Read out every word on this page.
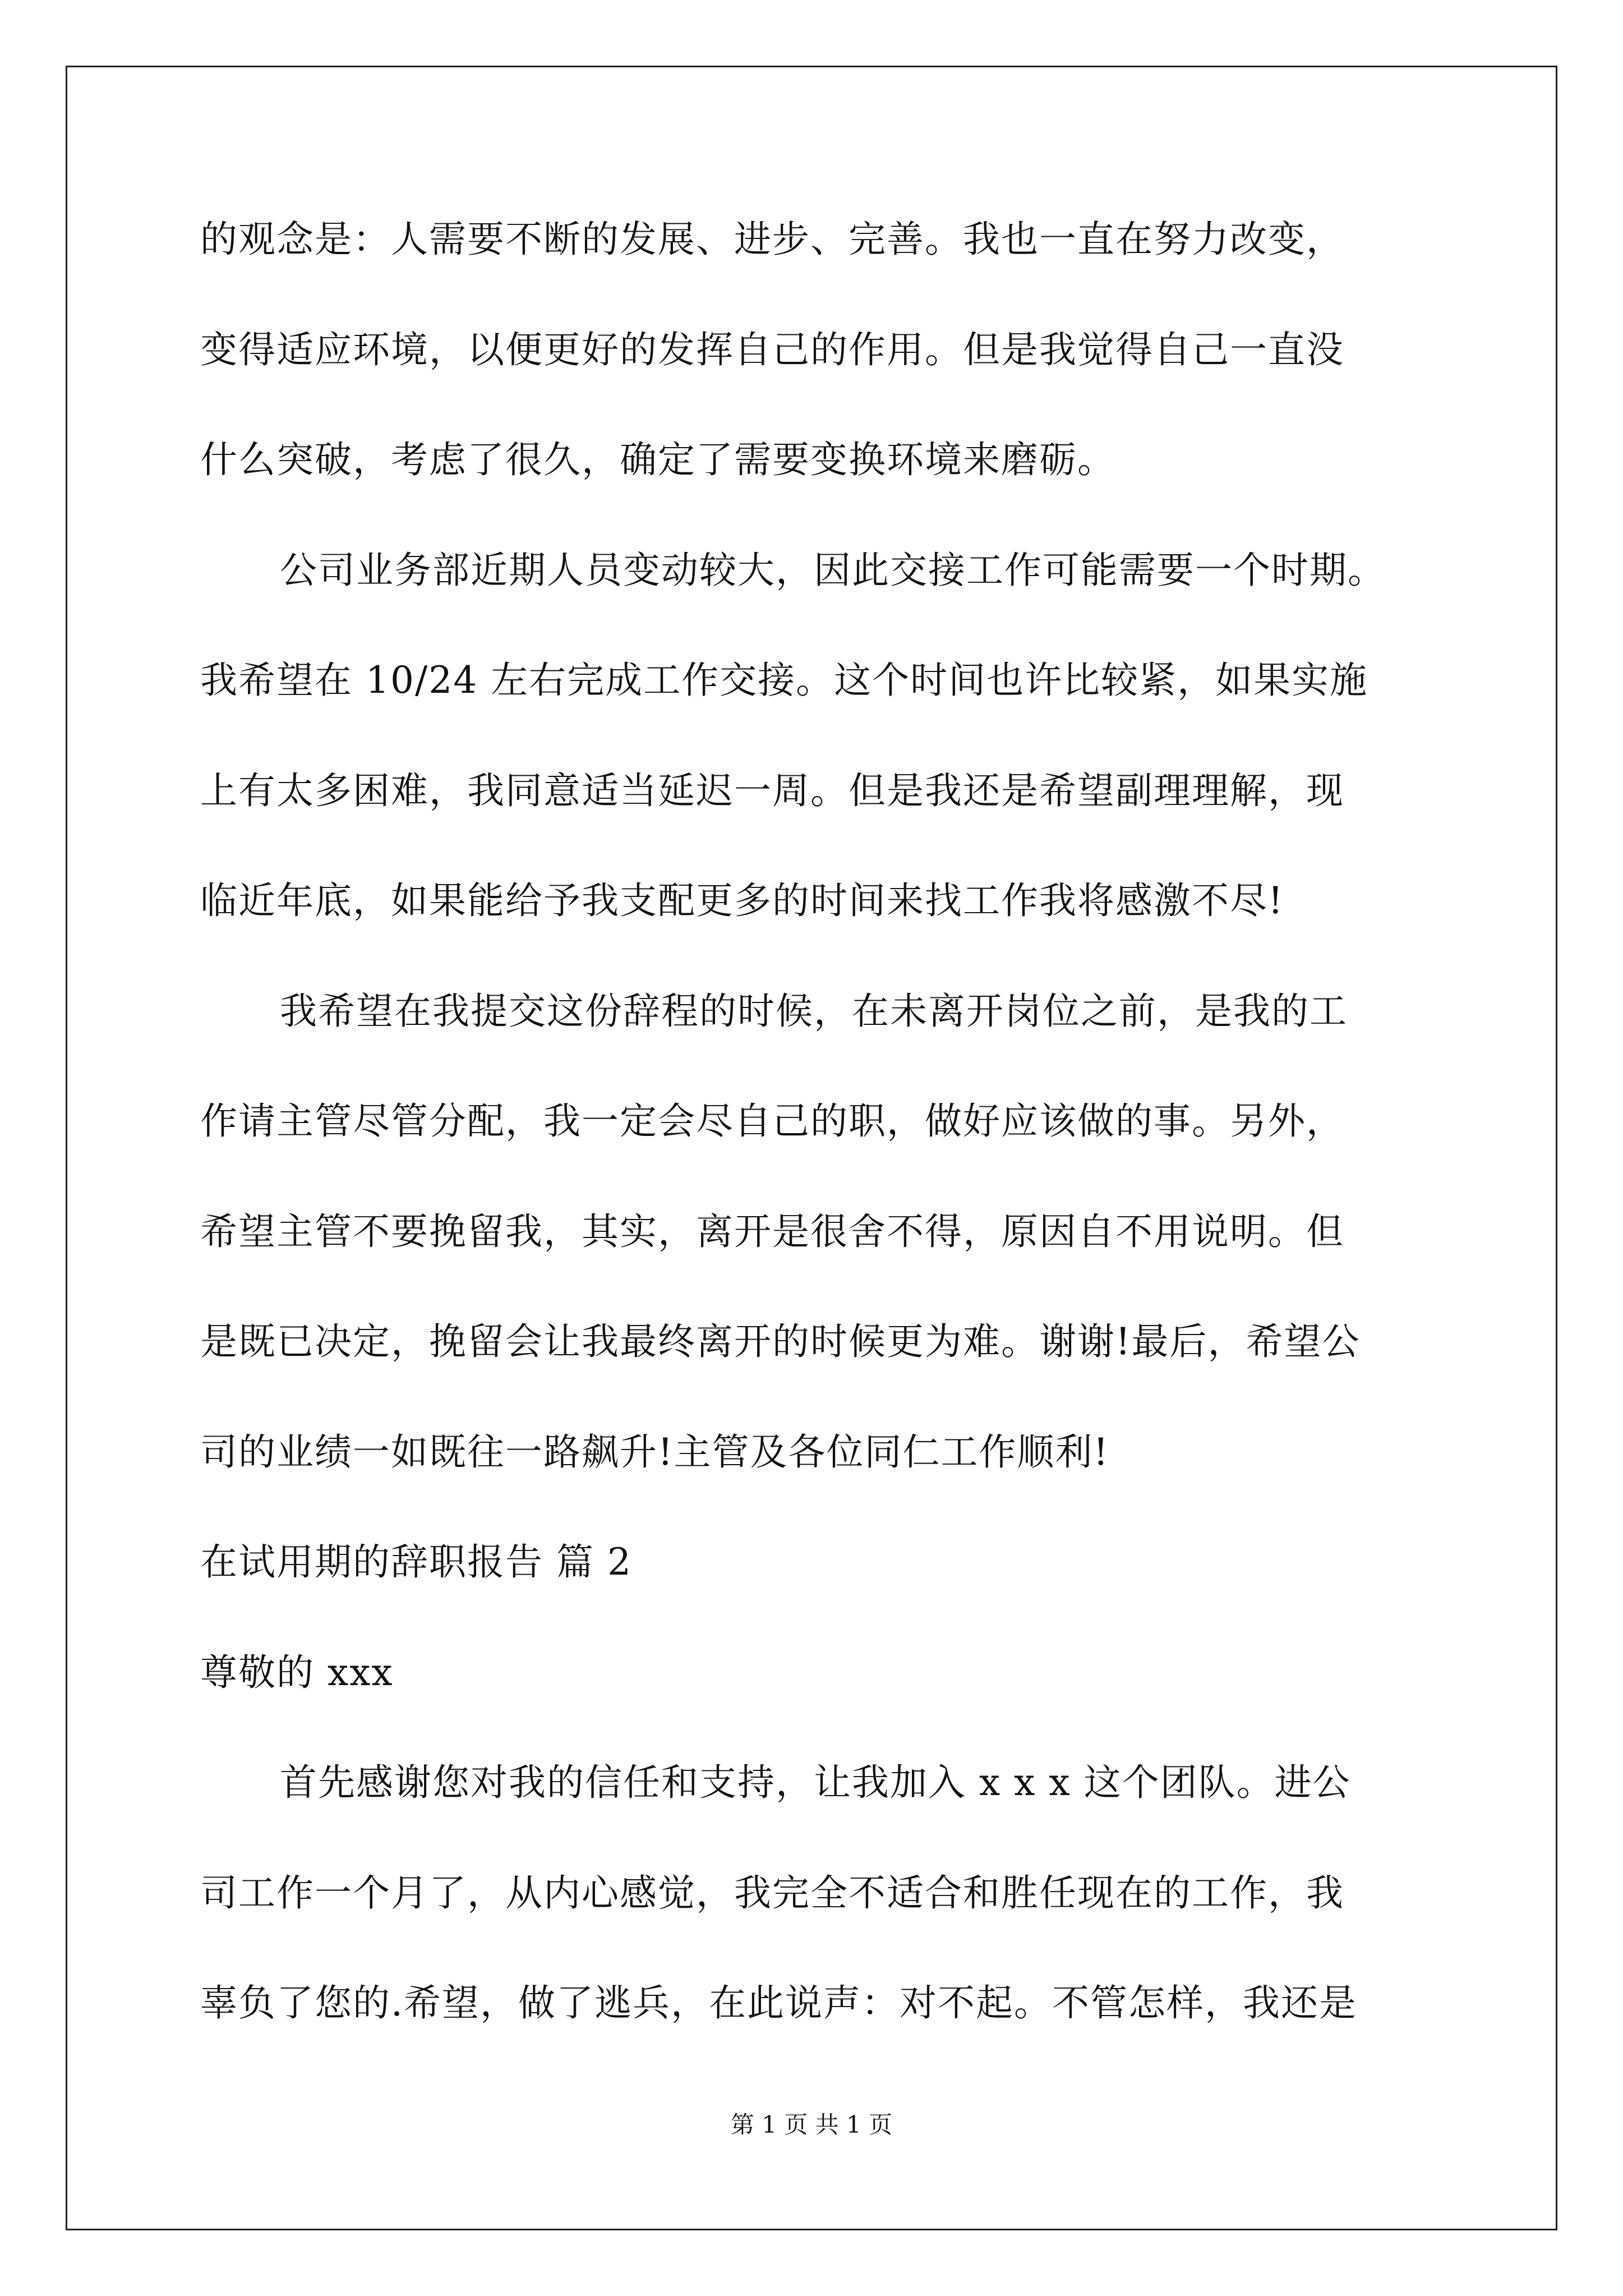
的观念是：人需要不断的发展、进步、完善。我也一直在努力改变，
变得适应环境，以便更好的发挥自己的作用。但是我觉得自己一直没
什么突破，考虑了很久，确定了需要变换环境来磨砺。
公司业务部近期人员变动较大，因此交接工作可能需要一个时期。
我希望在 10/24 左右完成工作交接。这个时间也许比较紧，如果实施
上有太多困难，我同意适当延迟一周。但是我还是希望副理理解，现
临近年底，如果能给予我支配更多的时间来找工作我将感激不尽!
我希望在我提交这份辞程的时候，在未离开岗位之前，是我的工
作请主管尽管分配，我一定会尽自己的职，做好应该做的事。另外，
希望主管不要挽留我，其实，离开是很舍不得，原因自不用说明。但
是既已决定，挽留会让我最终离开的时候更为难。谢谢!最后，希望公
司的业绩一如既往一路飙升!主管及各位同仁工作顺利!
在试用期的辞职报告 篇 2
尊敬的 xxx
首先感谢您对我的信任和支持，让我加入 x x x 这个团队。进公
司工作一个月了，从内心感觉，我完全不适合和胜任现在的工作，我
辜负了您的.希望，做了逃兵，在此说声：对不起。不管怎样，我还是
第 1 页 共 1 页
